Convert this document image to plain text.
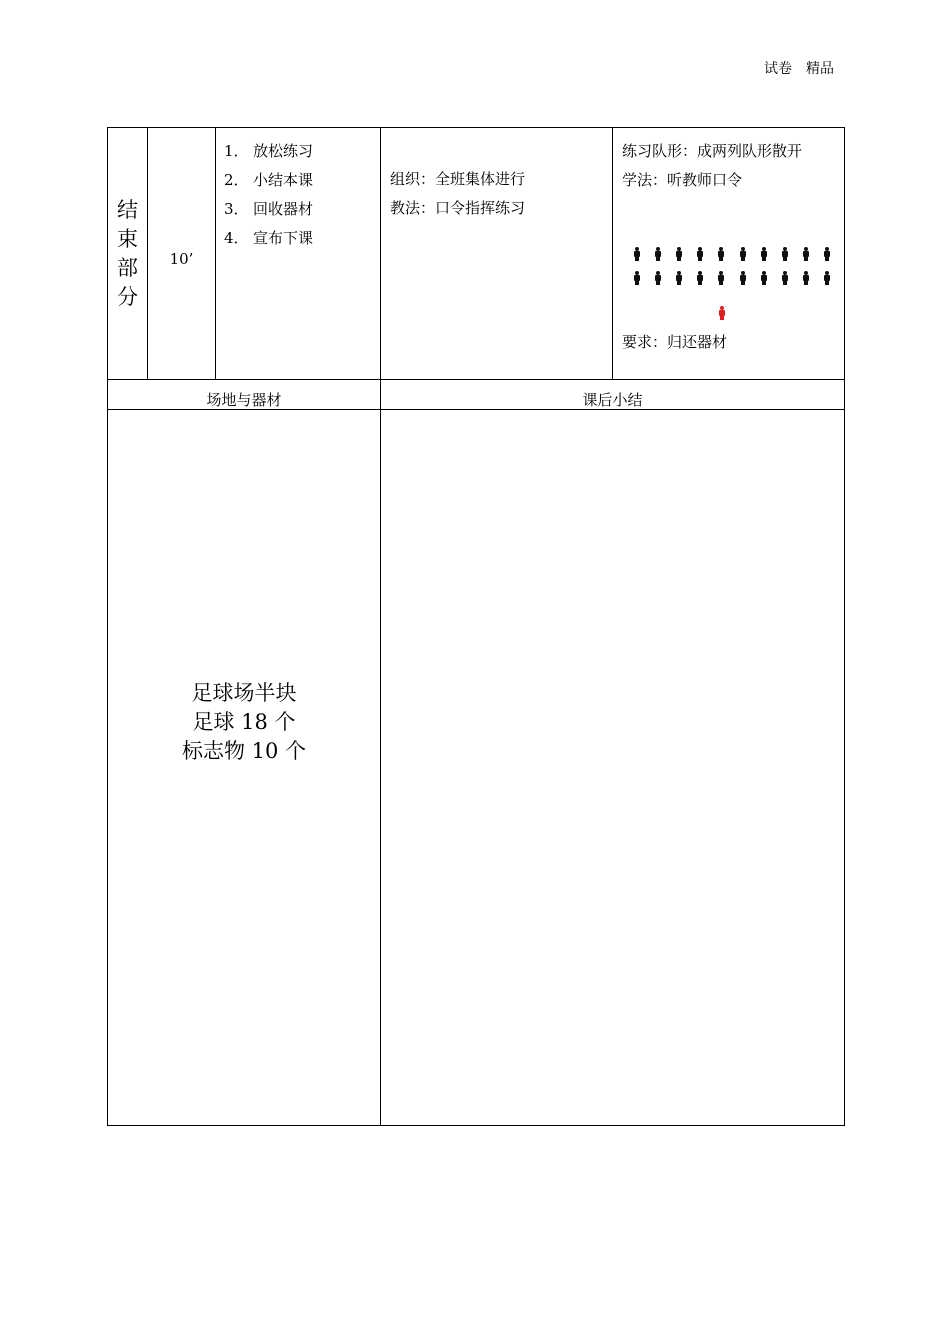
试卷　精品
结
束
部
分
10’
1． 放松练习
2． 小结本课
3． 回收器材
4． 宣布下课
组织：全班集体进行
教法：口令指挥练习
练习队形：成两列队形散开
学法：听教师口令
要求：归还器材
场地与器材	课后小结
足球场半块
足球 18 个
标志物 10 个
